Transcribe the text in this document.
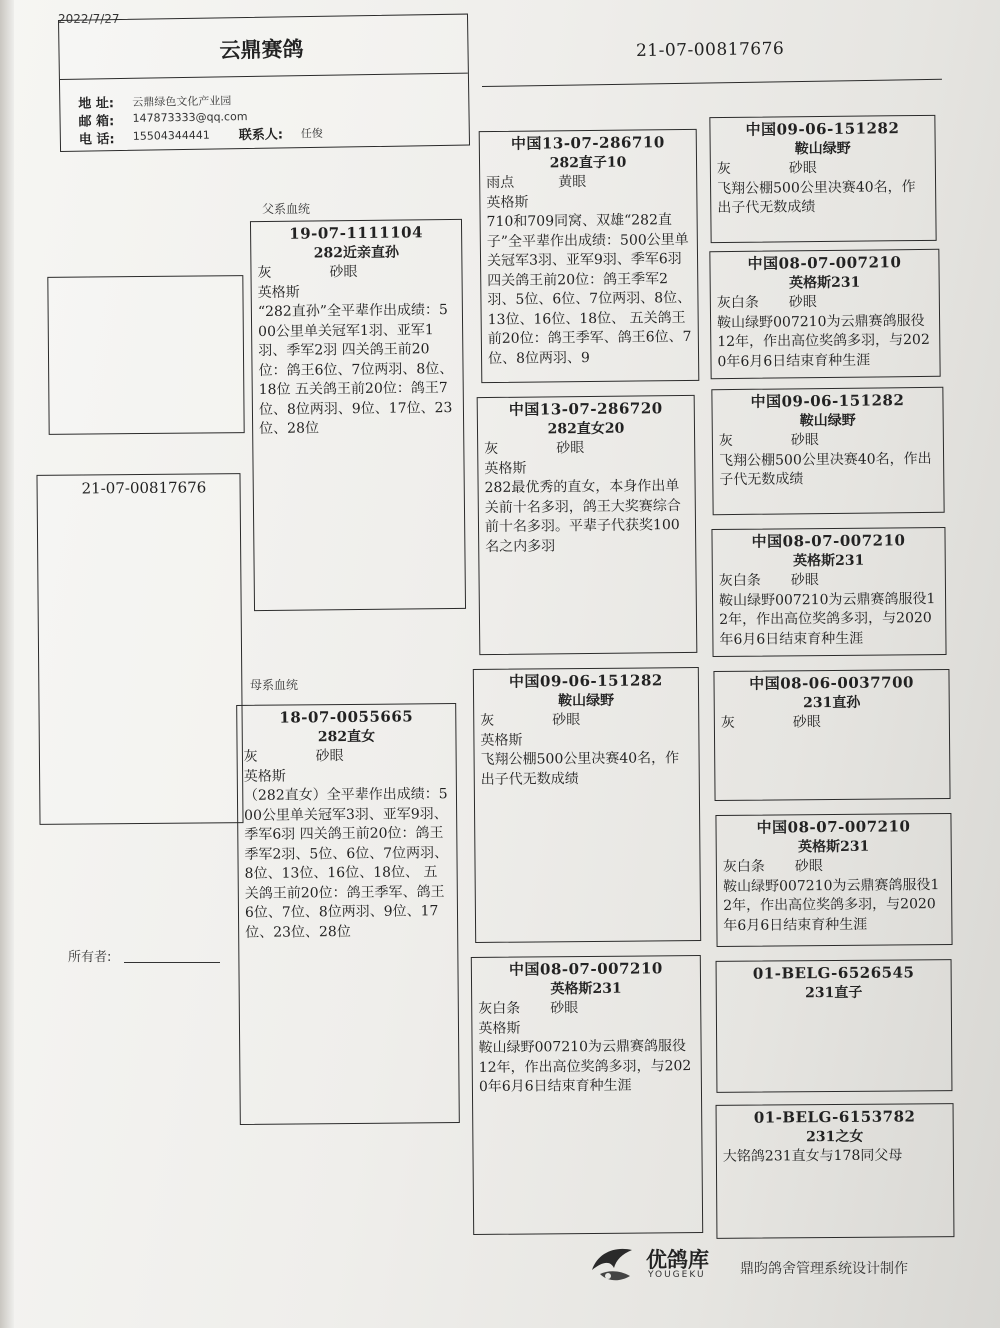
2022/7/27
云鼎赛鸽
地 址: 云鼎绿色文化产业园
邮 箱: 147873333@qq.com
电 话: 15504344441 联系人: 任俊
21-07-00817676
父系血统
母系血统
21-07-00817676
所有者:
19-07-1111104
282近亲直孙
灰	砂眼
英格斯
“282直孙”全平辈作出成绩：500公里单关冠军1羽、亚军1羽、季军2羽 四关鸽王前20位：鸽王6位、7位两羽、8位、18位 五关鸽王前20位：鸽王7位、8位两羽、9位、17位、23位、28位
18-07-0055665
282直女
灰	砂眼
英格斯
（282直女）全平辈作出成绩：500公里单关冠军3羽、亚军9羽、季军6羽 四关鸽王前20位：鸽王季军2羽、5位、6位、7位两羽、8位、13位、16位、18位、 五关鸽王前20位：鸽王季军、鸽王6位、7位、8位两羽、9位、17位、23位、28位
中国13-07-286710
282直子10
雨点	黄眼
英格斯
710和709同窝、双雄“282直子”全平辈作出成绩：500公里单关冠军3羽、亚军9羽、季军6羽 四关鸽王前20位：鸽王季军2羽、5位、6位、7位两羽、8位、13位、16位、18位、 五关鸽王前20位：鸽王季军、鸽王6位、7位、8位两羽、9
中国13-07-286720
282直女20
灰	砂眼
英格斯
282最优秀的直女，本身作出单关前十名多羽，鸽王大奖赛综合前十名多羽。平辈子代获奖100名之内多羽
中国09-06-151282
鞍山绿野
灰	砂眼
英格斯
飞翔公棚500公里决赛40名，作出子代无数成绩
中国08-07-007210
英格斯231
灰白条 砂眼
英格斯
鞍山绿野007210为云鼎赛鸽服役12年，作出高位奖鸽多羽，与2020年6月6日结束育种生涯
中国09-06-151282
鞍山绿野
灰	砂眼
飞翔公棚500公里决赛40名，作出子代无数成绩
中国08-07-007210
英格斯231
灰白条 砂眼
鞍山绿野007210为云鼎赛鸽服役12年，作出高位奖鸽多羽，与2020年6月6日结束育种生涯
中国09-06-151282
鞍山绿野
灰	砂眼
飞翔公棚500公里决赛40名，作出子代无数成绩
中国08-07-007210
英格斯231
灰白条 砂眼
鞍山绿野007210为云鼎赛鸽服役12年，作出高位奖鸽多羽，与2020年6月6日结束育种生涯
中国08-06-0037700
231直孙
灰	砂眼
中国08-07-007210
英格斯231
灰白条 砂眼
鞍山绿野007210为云鼎赛鸽服役12年，作出高位奖鸽多羽，与2020年6月6日结束育种生涯
01-BELG-6526545
231直子
01-BELG-6153782
231之女
大铭鸽231直女与178同父母
优鸽库
YOUGEKU 鼎昀鸽舍管理系统设计制作
